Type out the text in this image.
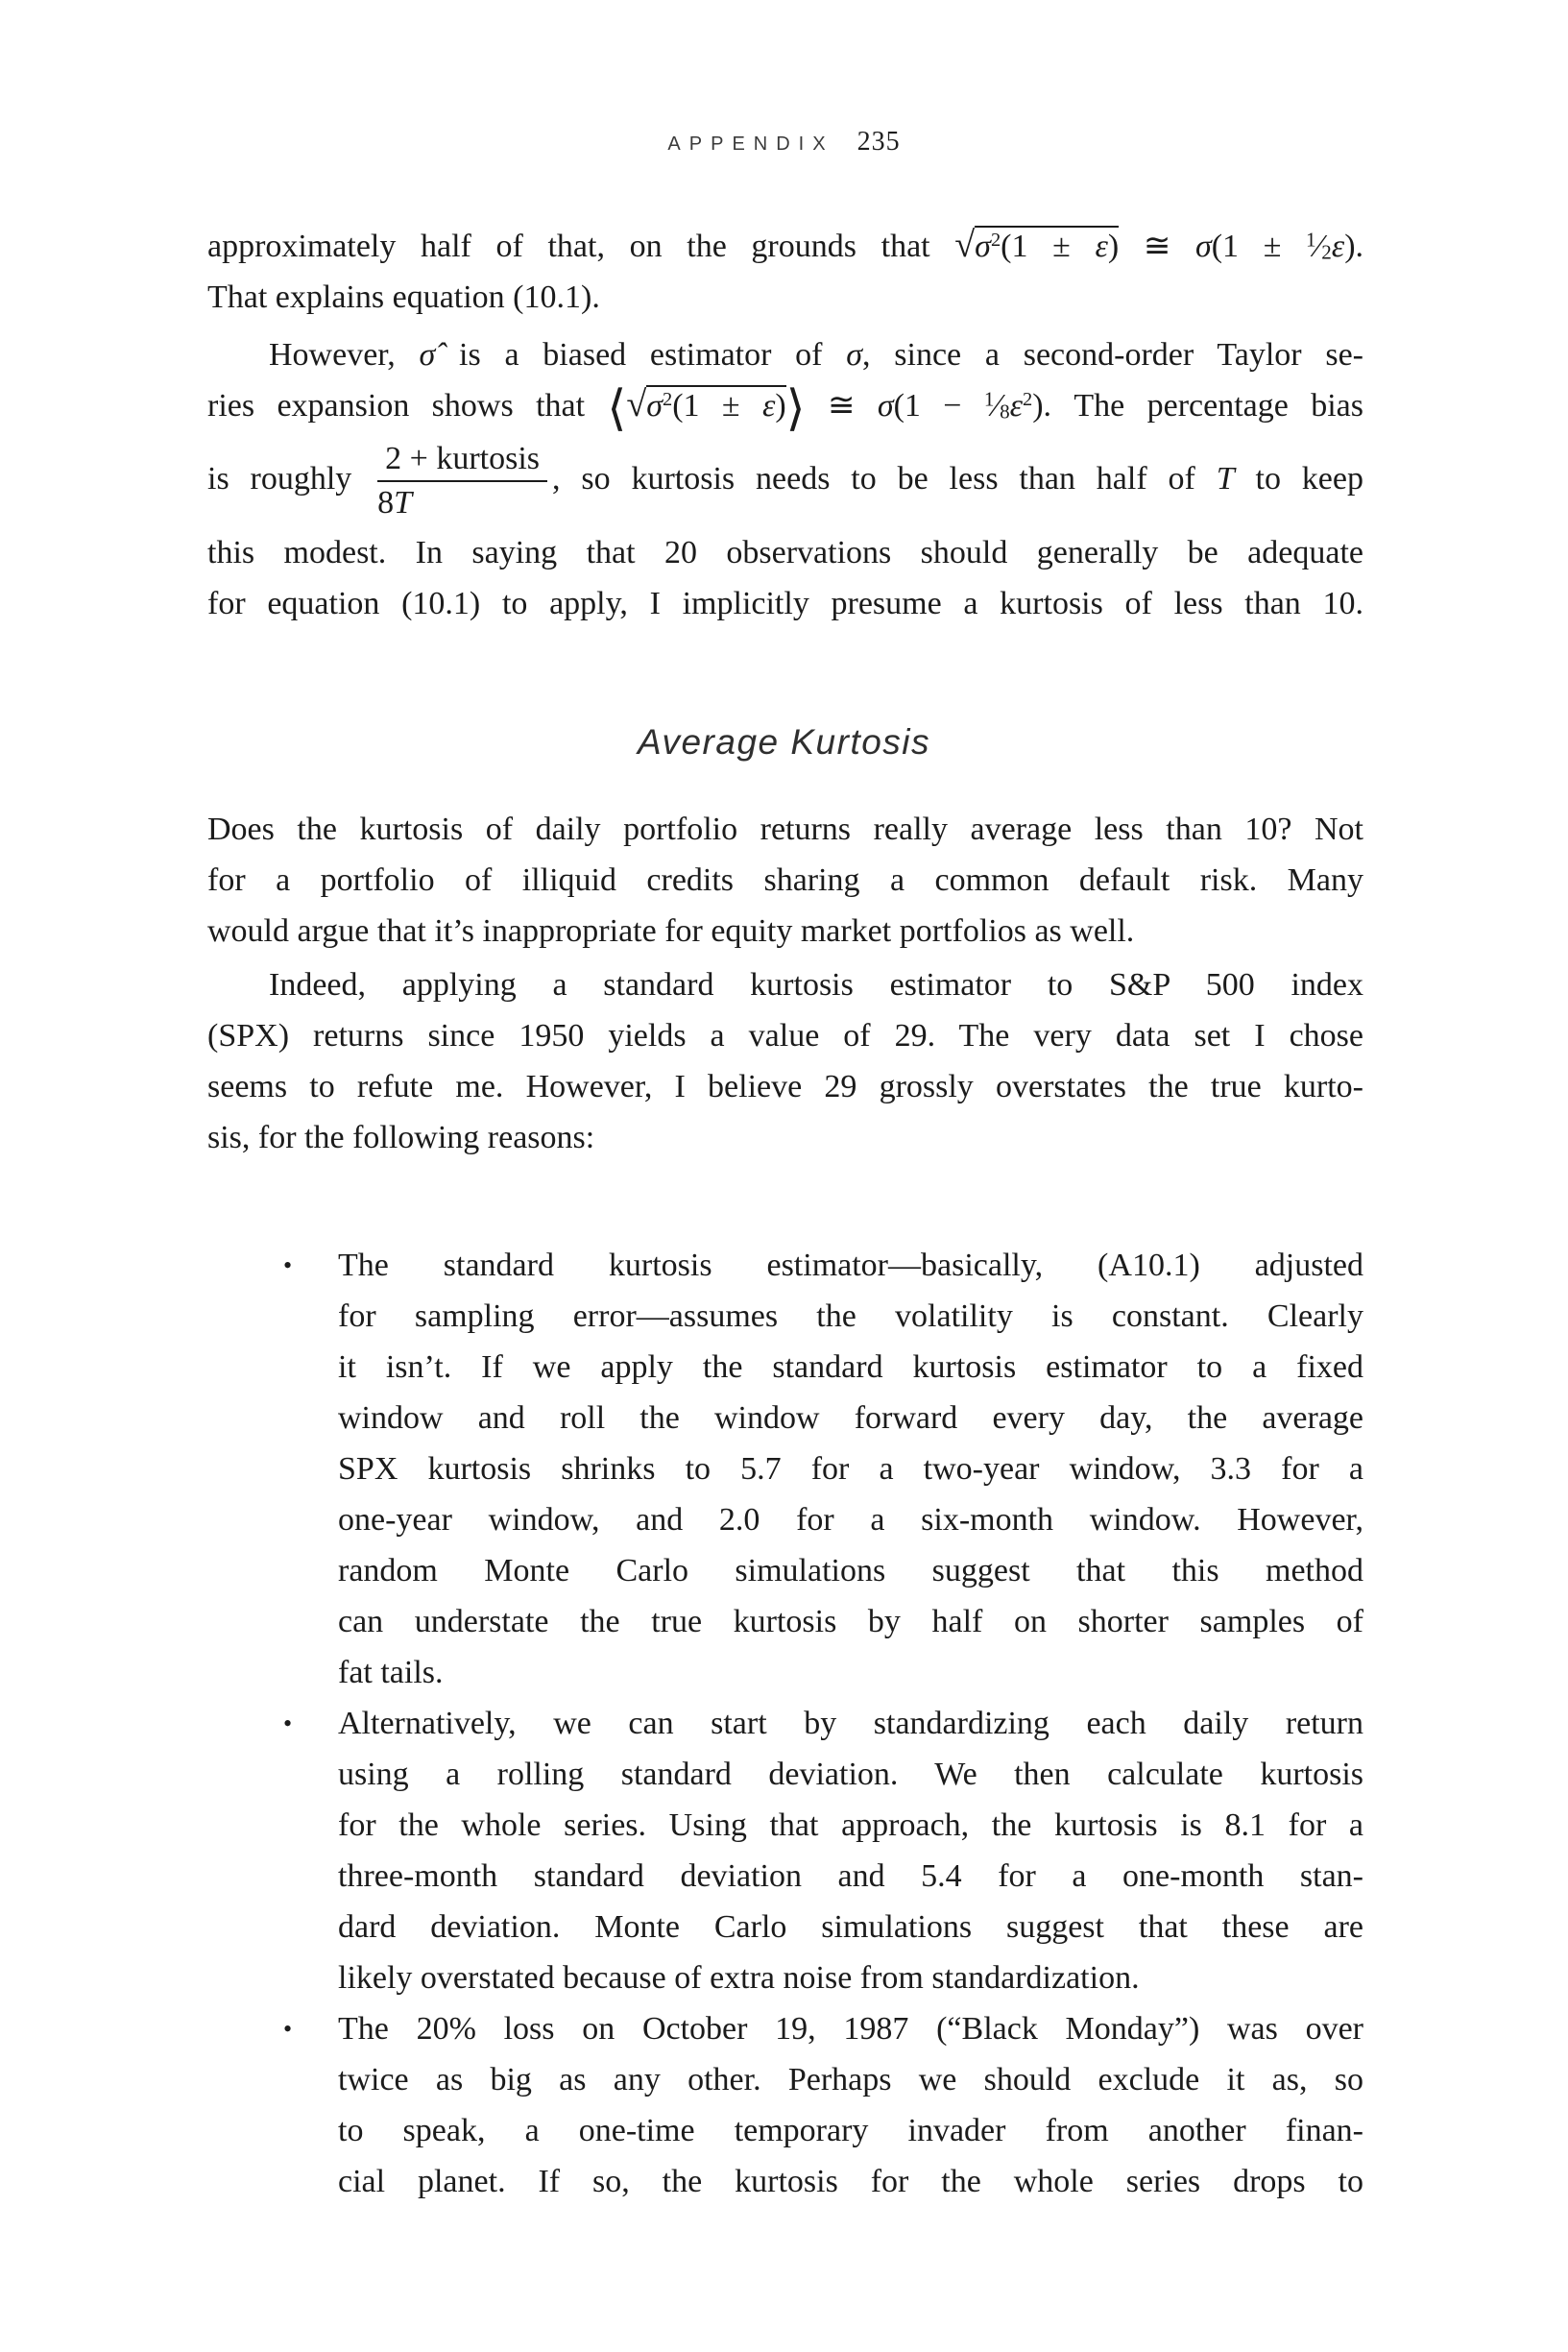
APPENDIX 235
approximately half of that, on the grounds that $√\sigma^2(1 \pm \varepsilon)$ ≅ $\sigma(1 \pm ^1⁄_2\varepsilon)$.
That explains equation (10.1).
However, σ̂ is a biased estimator of σ, since a second-order Taylor se-
ries expansion shows that $⟨√\sigma^2(1$ ± ε)⟩ ≅ $\sigma(1 - ^1⁄_8\varepsilon^2)$. The percentage bias
is roughly $\frac{\text{2 + kurtosis}}{8T}$ , so kurtosis needs to be less than half of T to keep
this modest. In saying that 20 observations should generally be adequate
for equation (10.1) to apply, I implicitly presume a kurtosis of less than 10.
Average Kurtosis
Does the kurtosis of daily portfolio returns really average less than 10? Not
for a portfolio of illiquid credits sharing a common default risk. Many
would argue that it’s inappropriate for equity market portfolios as well.
Indeed, applying a standard kurtosis estimator to S&P 500 index
(SPX) returns since 1950 yields a value of 29. The very data set I chose
seems to refute me. However, I believe 29 grossly overstates the true kurto-
sis, for the following reasons:
•	The standard kurtosis estimator—basically, (A10.1) adjusted
for sampling error—assumes the volatility is constant. Clearly
it isn’t. If we apply the standard kurtosis estimator to a fixed
window and roll the window forward every day, the average
SPX kurtosis shrinks to 5.7 for a two-year window, 3.3 for a
one-year window, and 2.0 for a six-month window. However,
random Monte Carlo simulations suggest that this method
can understate the true kurtosis by half on shorter samples of
fat tails.
•	Alternatively, we can start by standardizing each daily return
using a rolling standard deviation. We then calculate kurtosis
for the whole series. Using that approach, the kurtosis is 8.1 for a
three-month standard deviation and 5.4 for a one-month stan-
dard deviation. Monte Carlo simulations suggest that these are
likely overstated because of extra noise from standardization.
•	The 20% loss on October 19, 1987 (“Black Monday”) was over
twice as big as any other. Perhaps we should exclude it as, so
to speak, a one-time temporary invader from another finan-
cial planet. If so, the kurtosis for the whole series drops to
